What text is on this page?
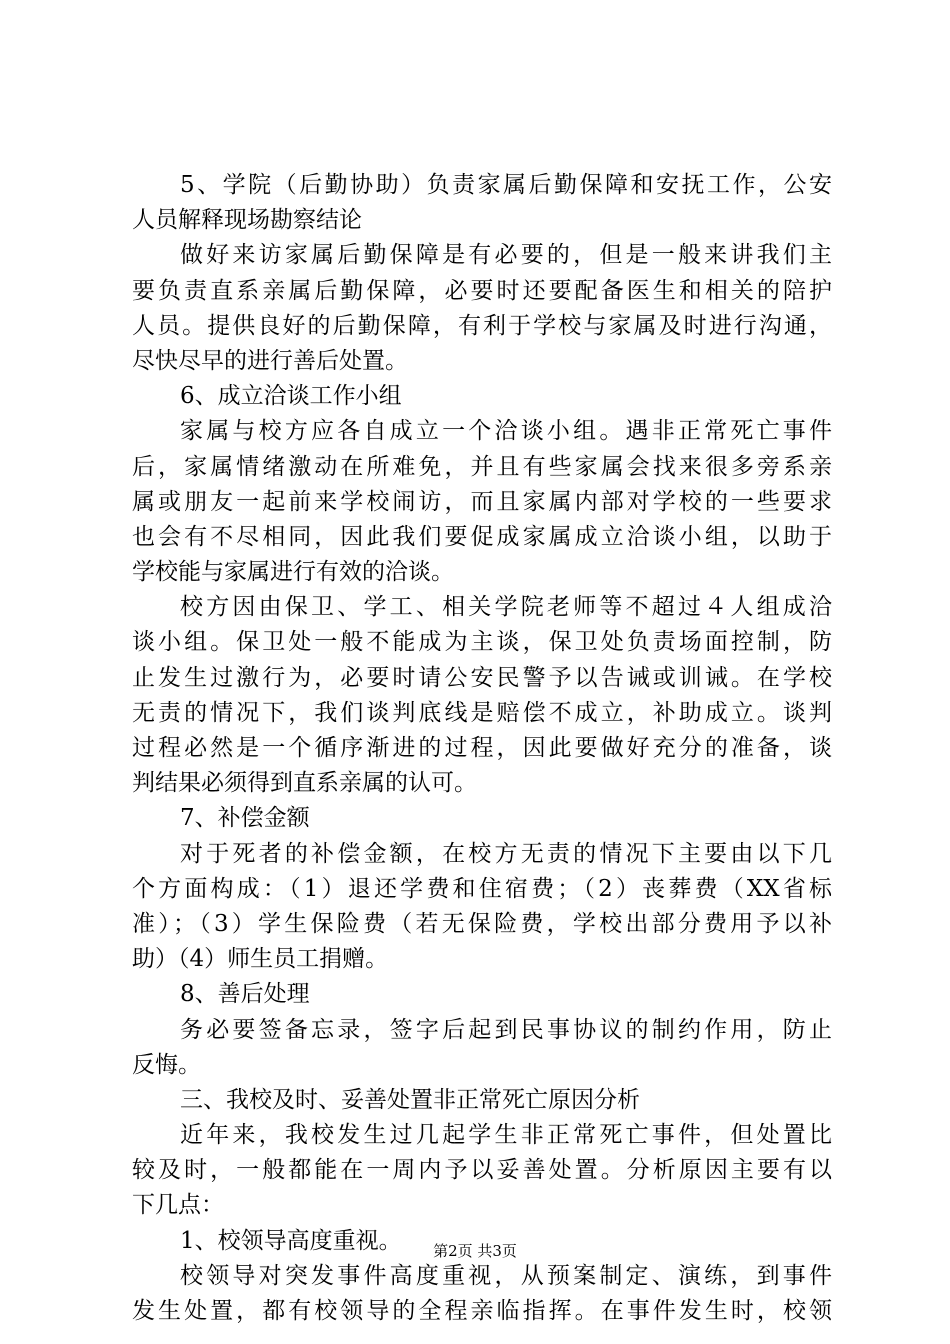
5、学院（后勤协助）负责家属后勤保障和安抚工作，公安
人员解释现场勘察结论
做好来访家属后勤保障是有必要的，但是一般来讲我们主
要负责直系亲属后勤保障，必要时还要配备医生和相关的陪护
人员。提供良好的后勤保障，有利于学校与家属及时进行沟通，
尽快尽早的进行善后处置。
6、成立洽谈工作小组
家属与校方应各自成立一个洽谈小组。遇非正常死亡事件
后，家属情绪激动在所难免，并且有些家属会找来很多旁系亲
属或朋友一起前来学校闹访，而且家属内部对学校的一些要求
也会有不尽相同，因此我们要促成家属成立洽谈小组，以助于
学校能与家属进行有效的洽谈。
校方因由保卫、学工、相关学院老师等不超过４人组成洽
谈小组。保卫处一般不能成为主谈，保卫处负责场面控制，防
止发生过激行为，必要时请公安民警予以告诫或训诫。在学校
无责的情况下，我们谈判底线是赔偿不成立，补助成立。谈判
过程必然是一个循序渐进的过程，因此要做好充分的准备，谈
判结果必须得到直系亲属的认可。
7、补偿金额
对于死者的补偿金额，在校方无责的情况下主要由以下几
个方面构成：（1）退还学费和住宿费；（2）丧葬费（XX省标
准）；（3）学生保险费（若无保险费，学校出部分费用予以补
助）（4）师生员工捐赠。
8、善后处理
务必要签备忘录，签字后起到民事协议的制约作用，防止
反悔。
三、我校及时、妥善处置非正常死亡原因分析
近年来，我校发生过几起学生非正常死亡事件，但处置比
较及时，一般都能在一周内予以妥善处置。分析原因主要有以
下几点：
1、校领导高度重视。
校领导对突发事件高度重视，从预案制定、演练，到事件
发生处置，都有校领导的全程亲临指挥。在事件发生时，校领
第2页 共3页
